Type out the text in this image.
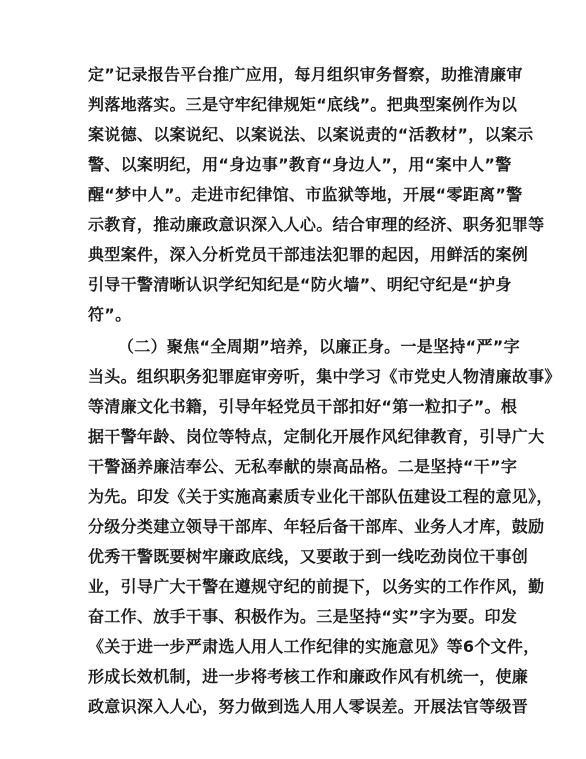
定”记录报告平台推广应用，每月组织审务督察，助推清廉审
判落地落实。三是守牢纪律规矩“底线”。把典型案例作为以
案说德、以案说纪、以案说法、以案说责的“活教材”，以案示
警、以案明纪，用“身边事”教育“身边人”，用“案中人”警
醒“梦中人”。走进市纪律馆、市监狱等地，开展“零距离”警
示教育，推动廉政意识深入人心。结合审理的经济、职务犯罪等
典型案件，深入分析党员干部违法犯罪的起因，用鲜活的案例
引导干警清晰认识学纪知纪是“防火墙”、明纪守纪是“护身
符”。
（二）聚焦“全周期”培养，以廉正身。一是坚持“严”字
当头。组织职务犯罪庭审旁听，集中学习《市党史人物清廉故事》
等清廉文化书籍，引导年轻党员干部扣好“第一粒扣子”。根
据干警年龄、岗位等特点，定制化开展作风纪律教育，引导广大
干警涵养廉洁奉公、无私奉献的崇高品格。二是坚持“干”字
为先。印发《关于实施高素质专业化干部队伍建设工程的意见》，
分级分类建立领导干部库、年轻后备干部库、业务人才库，鼓励
优秀干警既要树牢廉政底线，又要敢于到一线吃劲岗位干事创
业，引导广大干警在遵规守纪的前提下，以务实的工作作风，勤
奋工作、放手干事、积极作为。三是坚持“实”字为要。印发
《关于进一步严肃选人用人工作纪律的实施意见》等6个文件，
形成长效机制，进一步将考核工作和廉政作风有机统一，使廉
政意识深入人心，努力做到选人用人零误差。开展法官等级晋
